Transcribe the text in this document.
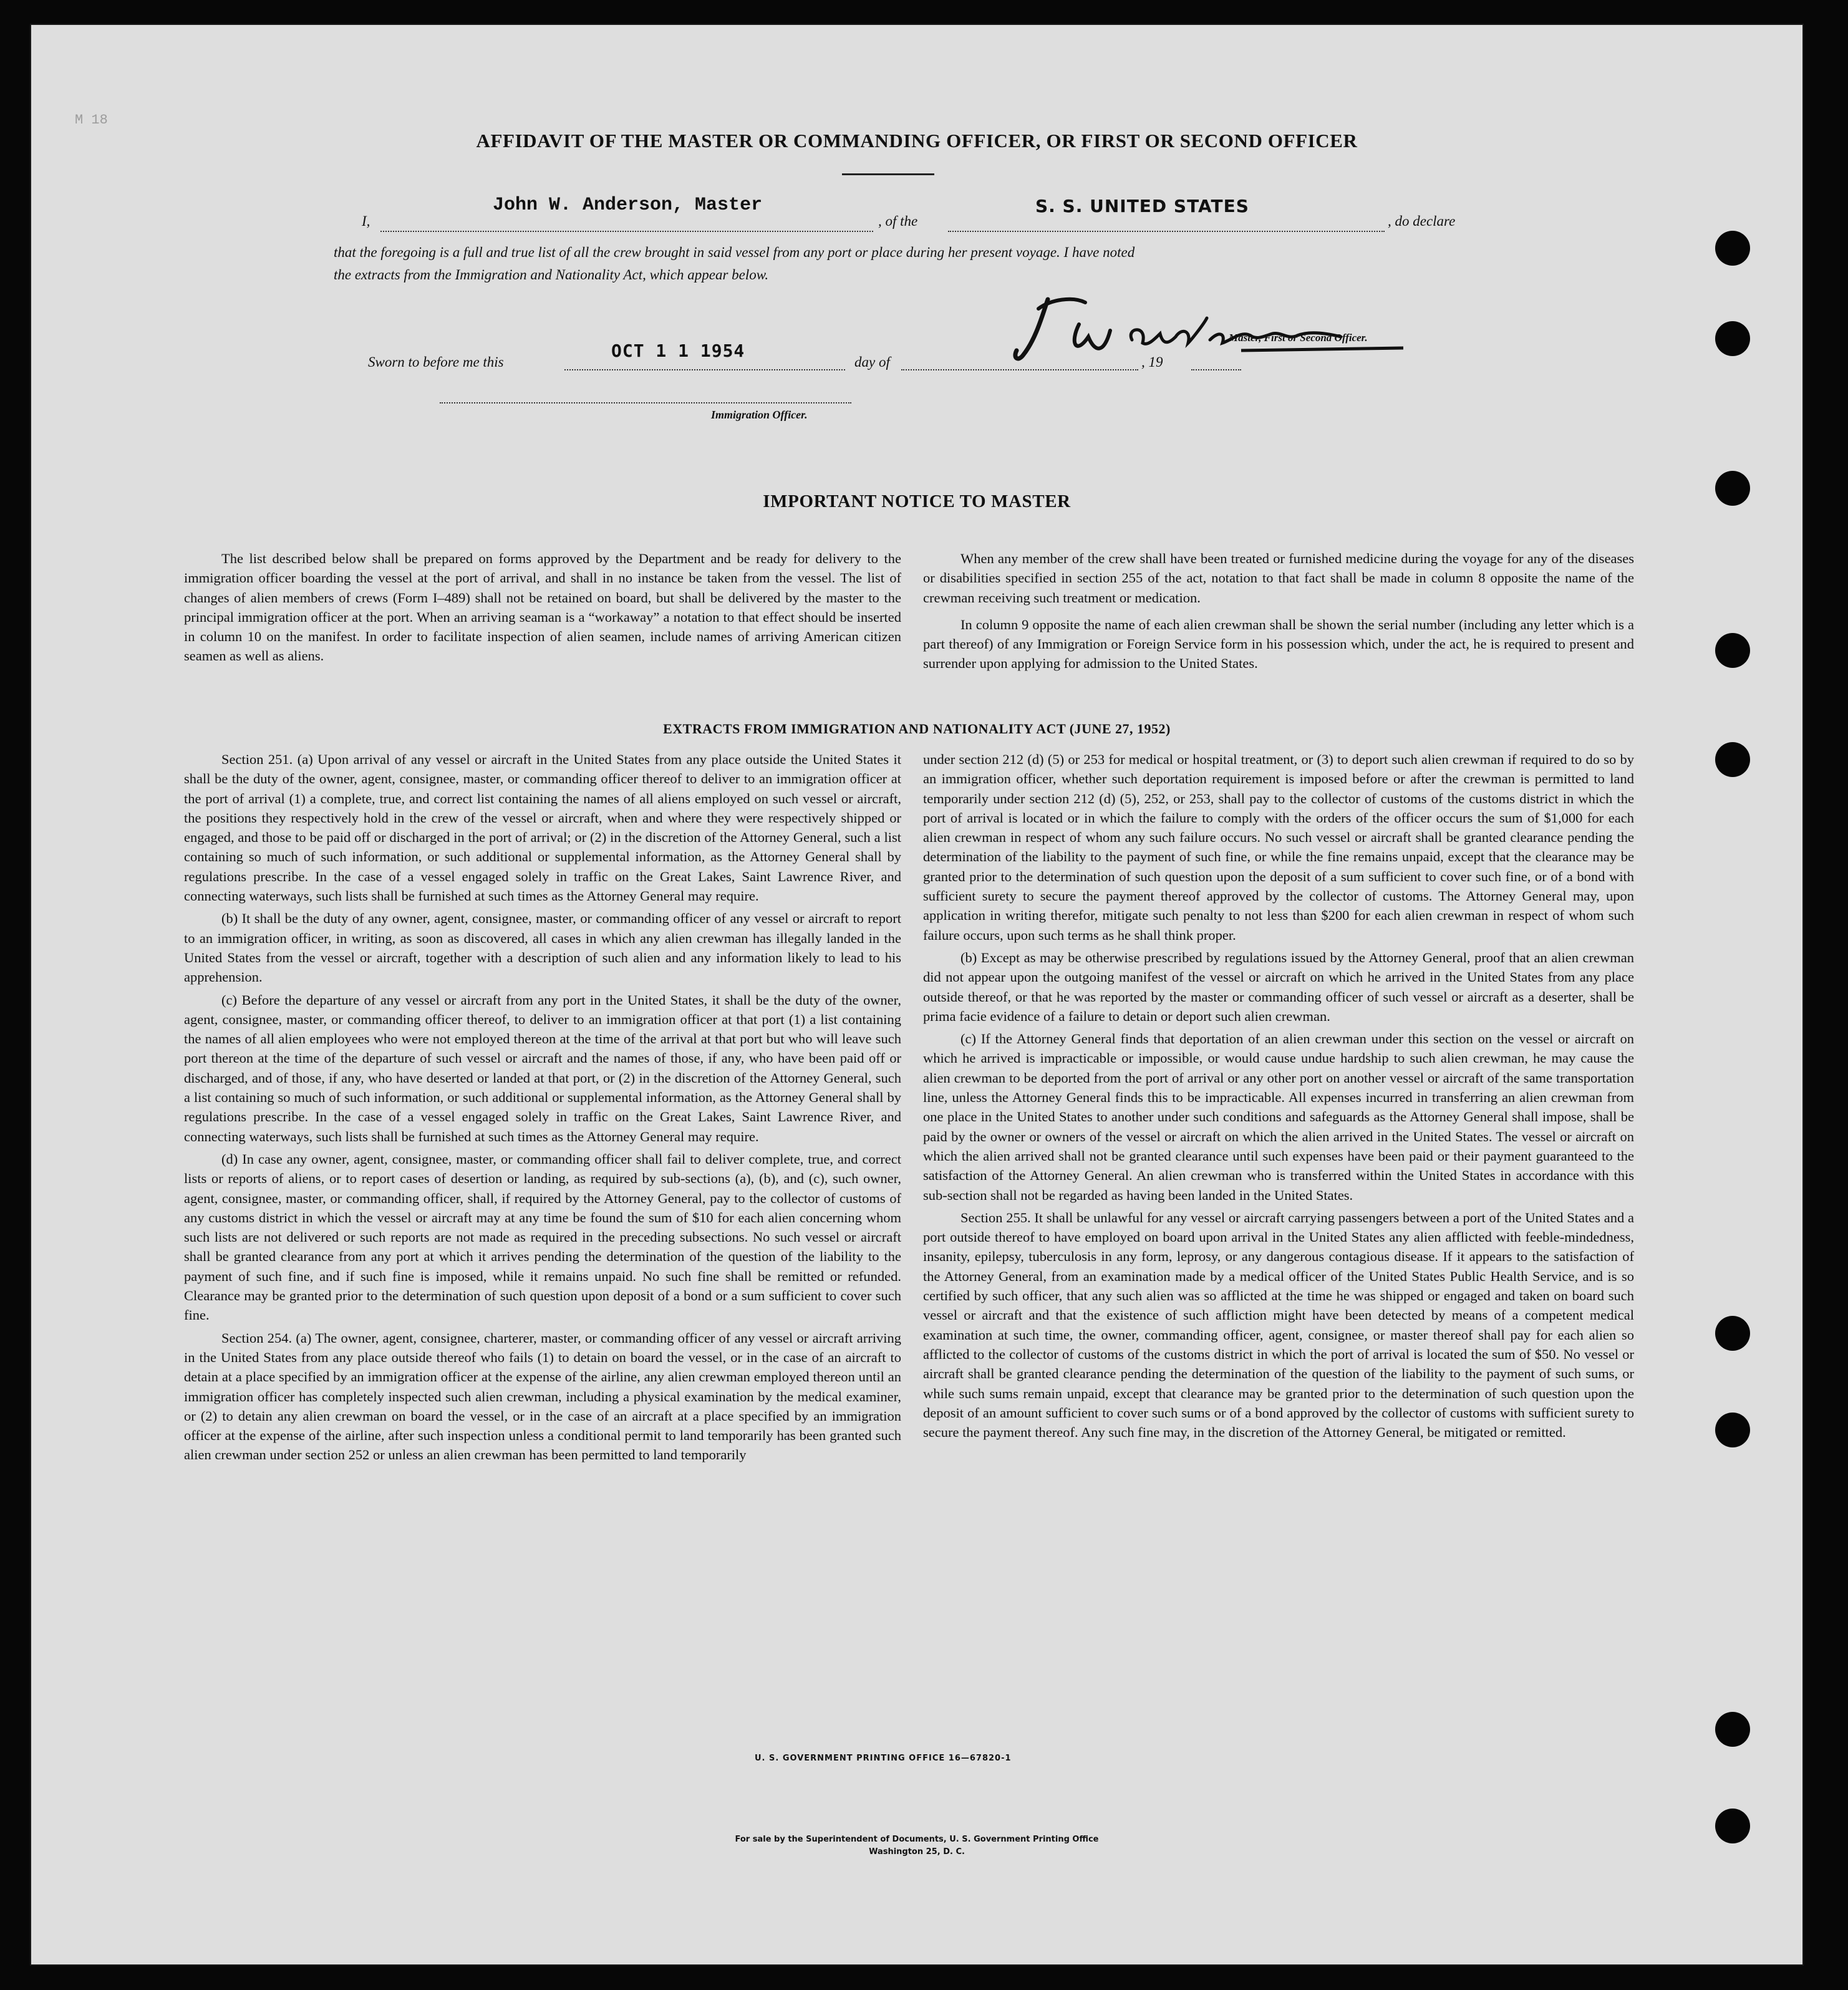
M 18
AFFIDAVIT OF THE MASTER OR COMMANDING OFFICER, OR FIRST OR SECOND OFFICER
I,
John W. Anderson, Master
, of the
S. S. UNITED STATES
, do declare
that the foregoing is a full and true list of all the crew brought in said vessel from any port or place during her present voyage. I have noted
the extracts from the Immigration and Nationality Act, which appear below.
Master, First or Second Officer.
Sworn to before me this
OCT 1 1 1954
day of	, 19
Immigration Officer.
IMPORTANT NOTICE TO MASTER

The list described below shall be prepared on forms approved by the Department and be ready for delivery to the immigration officer boarding the vessel at the port of arrival, and shall in no instance be taken from the vessel. The list of changes of alien members of crews (Form I–489) shall not be retained on board, but shall be delivered by the master to the principal immigration officer at the port. When an arriving seaman is a “workaway” a notation to that effect should be inserted in column 10 on the manifest. In order to facilitate inspection of alien seamen, include names of arriving American citizen seamen as well as aliens.

When any member of the crew shall have been treated or furnished medicine during the voyage for any of the diseases or disabilities specified in section 255 of the act, notation to that fact shall be made in column 8 opposite the name of the crewman receiving such treatment or medication.

In column 9 opposite the name of each alien crewman shall be shown the serial number (including any letter which is a part thereof) of any Immigration or Foreign Service form in his possession which, under the act, he is required to present and surrender upon applying for admission to the United States.

EXTRACTS FROM IMMIGRATION AND NATIONALITY ACT (JUNE 27, 1952)

Section 251. (a) Upon arrival of any vessel or aircraft in the United States from any place outside the United States it shall be the duty of the owner, agent, consignee, master, or commanding officer thereof to deliver to an immigration officer at the port of arrival (1) a complete, true, and correct list containing the names of all aliens employed on such vessel or aircraft, the positions they respectively hold in the crew of the vessel or aircraft, when and where they were respectively shipped or engaged, and those to be paid off or discharged in the port of arrival; or (2) in the discretion of the Attorney General, such a list containing so much of such information, or such additional or supplemental information, as the Attorney General shall by regulations prescribe. In the case of a vessel engaged solely in traffic on the Great Lakes, Saint Lawrence River, and connecting waterways, such lists shall be furnished at such times as the Attorney General may require.

(b) It shall be the duty of any owner, agent, consignee, master, or commanding officer of any vessel or aircraft to report to an immigration officer, in writing, as soon as discovered, all cases in which any alien crewman has illegally landed in the United States from the vessel or aircraft, together with a description of such alien and any information likely to lead to his apprehension.

(c) Before the departure of any vessel or aircraft from any port in the United States, it shall be the duty of the owner, agent, consignee, master, or commanding officer thereof, to deliver to an immigration officer at that port (1) a list containing the names of all alien employees who were not employed thereon at the time of the arrival at that port but who will leave such port thereon at the time of the departure of such vessel or aircraft and the names of those, if any, who have been paid off or discharged, and of those, if any, who have deserted or landed at that port, or (2) in the discretion of the Attorney General, such a list containing so much of such information, or such additional or supplemental information, as the Attorney General shall by regulations prescribe. In the case of a vessel engaged solely in traffic on the Great Lakes, Saint Lawrence River, and connecting waterways, such lists shall be furnished at such times as the Attorney General may require.

(d) In case any owner, agent, consignee, master, or commanding officer shall fail to deliver complete, true, and correct lists or reports of aliens, or to report cases of desertion or landing, as required by sub-sections (a), (b), and (c), such owner, agent, consignee, master, or commanding officer, shall, if required by the Attorney General, pay to the collector of customs of any customs district in which the vessel or aircraft may at any time be found the sum of $10 for each alien concerning whom such lists are not delivered or such reports are not made as required in the preceding subsections. No such vessel or aircraft shall be granted clearance from any port at which it arrives pending the determination of the question of the liability to the payment of such fine, and if such fine is imposed, while it remains unpaid. No such fine shall be remitted or refunded. Clearance may be granted prior to the determination of such question upon deposit of a bond or a sum sufficient to cover such fine.

Section 254. (a) The owner, agent, consignee, charterer, master, or commanding officer of any vessel or aircraft arriving in the United States from any place outside thereof who fails (1) to detain on board the vessel, or in the case of an aircraft to detain at a place specified by an immigration officer at the expense of the airline, any alien crewman employed thereon until an immigration officer has completely inspected such alien crewman, including a physical examination by the medical examiner, or (2) to detain any alien crewman on board the vessel, or in the case of an aircraft at a place specified by an immigration officer at the expense of the airline, after such inspection unless a conditional permit to land temporarily has been granted such alien crewman under section 252 or unless an alien crewman has been permitted to land temporarily

under section 212 (d) (5) or 253 for medical or hospital treatment, or (3) to deport such alien crewman if required to do so by an immigration officer, whether such deportation requirement is imposed before or after the crewman is permitted to land temporarily under section 212 (d) (5), 252, or 253, shall pay to the collector of customs of the customs district in which the port of arrival is located or in which the failure to comply with the orders of the officer occurs the sum of $1,000 for each alien crewman in respect of whom any such failure occurs. No such vessel or aircraft shall be granted clearance pending the determination of the liability to the payment of such fine, or while the fine remains unpaid, except that the clearance may be granted prior to the determination of such question upon the deposit of a sum sufficient to cover such fine, or of a bond with sufficient surety to secure the payment thereof approved by the collector of customs. The Attorney General may, upon application in writing therefor, mitigate such penalty to not less than $200 for each alien crewman in respect of whom such failure occurs, upon such terms as he shall think proper.

(b) Except as may be otherwise prescribed by regulations issued by the Attorney General, proof that an alien crewman did not appear upon the outgoing manifest of the vessel or aircraft on which he arrived in the United States from any place outside thereof, or that he was reported by the master or commanding officer of such vessel or aircraft as a deserter, shall be prima facie evidence of a failure to detain or deport such alien crewman.

(c) If the Attorney General finds that deportation of an alien crewman under this section on the vessel or aircraft on which he arrived is impracticable or impossible, or would cause undue hardship to such alien crewman, he may cause the alien crewman to be deported from the port of arrival or any other port on another vessel or aircraft of the same transportation line, unless the Attorney General finds this to be impracticable. All expenses incurred in transferring an alien crewman from one place in the United States to another under such conditions and safeguards as the Attorney General shall impose, shall be paid by the owner or owners of the vessel or aircraft on which the alien arrived in the United States. The vessel or aircraft on which the alien arrived shall not be granted clearance until such expenses have been paid or their payment guaranteed to the satisfaction of the Attorney General. An alien crewman who is transferred within the United States in accordance with this sub-section shall not be regarded as having been landed in the United States.

Section 255. It shall be unlawful for any vessel or aircraft carrying passengers between a port of the United States and a port outside thereof to have employed on board upon arrival in the United States any alien afflicted with feeble-mindedness, insanity, epilepsy, tuberculosis in any form, leprosy, or any dangerous contagious disease. If it appears to the satisfaction of the Attorney General, from an examination made by a medical officer of the United States Public Health Service, and is so certified by such officer, that any such alien was so afflicted at the time he was shipped or engaged and taken on board such vessel or aircraft and that the existence of such affliction might have been detected by means of a competent medical examination at such time, the owner, commanding officer, agent, consignee, or master thereof shall pay for each alien so afflicted to the collector of customs of the customs district in which the port of arrival is located the sum of $50. No vessel or aircraft shall be granted clearance pending the determination of the question of the liability to the payment of such sums, or while such sums remain unpaid, except that clearance may be granted prior to the determination of such question upon the deposit of an amount sufficient to cover such sums or of a bond approved by the collector of customs with sufficient surety to secure the payment thereof. Any such fine may, in the discretion of the Attorney General, be mitigated or remitted.

U. S. GOVERNMENT PRINTING OFFICE 16—67820-1
For sale by the Superintendent of Documents, U. S. Government Printing Office
Washington 25, D. C.
